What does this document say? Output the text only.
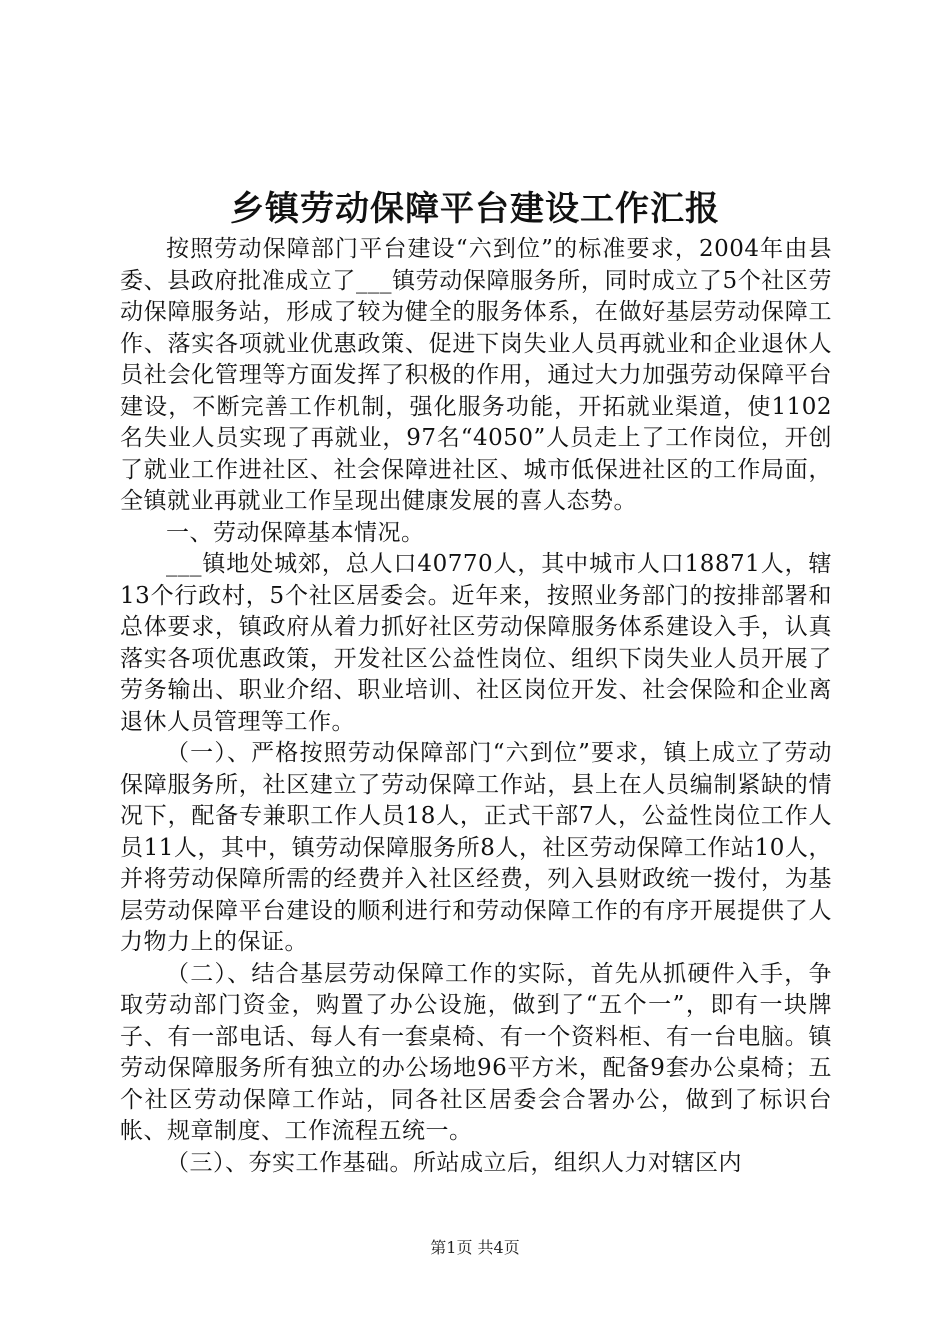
乡镇劳动保障平台建设工作汇报

按照劳动保障部门平台建设“六到位”的标准要求，2004年由县委、县政府批准成立了___镇劳动保障服务所，同时成立了5个社区劳动保障服务站，形成了较为健全的服务体系，在做好基层劳动保障工作、落实各项就业优惠政策、促进下岗失业人员再就业和企业退休人员社会化管理等方面发挥了积极的作用，通过大力加强劳动保障平台建设，不断完善工作机制，强化服务功能，开拓就业渠道，使1102名失业人员实现了再就业，97名“4050”人员走上了工作岗位，开创了就业工作进社区、社会保障进社区、城市低保进社区的工作局面，全镇就业再就业工作呈现出健康发展的喜人态势。

一、劳动保障基本情况。

___镇地处城郊，总人口40770人，其中城市人口18871人，辖13个行政村，5个社区居委会。近年来，按照业务部门的按排部署和总体要求，镇政府从着力抓好社区劳动保障服务体系建设入手，认真落实各项优惠政策，开发社区公益性岗位、组织下岗失业人员开展了劳务输出、职业介绍、职业培训、社区岗位开发、社会保险和企业离退休人员管理等工作。

（一）、严格按照劳动保障部门“六到位”要求，镇上成立了劳动保障服务所，社区建立了劳动保障工作站，县上在人员编制紧缺的情况下，配备专兼职工作人员18人，正式干部7人，公益性岗位工作人员11人，其中，镇劳动保障服务所8人，社区劳动保障工作站10人，并将劳动保障所需的经费并入社区经费，列入县财政统一拨付，为基层劳动保障平台建设的顺利进行和劳动保障工作的有序开展提供了人力物力上的保证。

（二）、结合基层劳动保障工作的实际，首先从抓硬件入手，争取劳动部门资金，购置了办公设施，做到了“五个一”，即有一块牌子、有一部电话、每人有一套桌椅、有一个资料柜、有一台电脑。镇劳动保障服务所有独立的办公场地96平方米，配备9套办公桌椅；五个社区劳动保障工作站，同各社区居委会合署办公，做到了标识台帐、规章制度、工作流程五统一。

（三）、夯实工作基础。所站成立后，组织人力对辖区内

第1页 共4页
